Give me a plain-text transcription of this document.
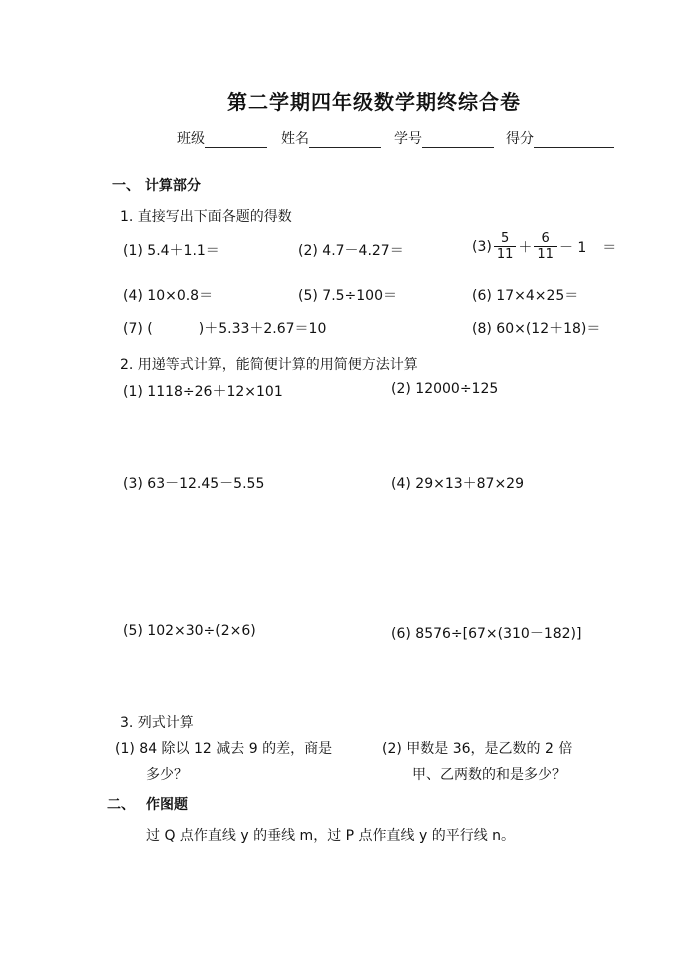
第二学期四年级数学期终综合卷
班级	姓名	学号	得分
一、 计算部分
1. 直接写出下面各题的得数
(1) 5.4＋1.1＝	(2) 4.7－4.27＝	$(3) \frac{5}{11} + \frac{6}{11} - 1$ ＝
(4) 10×0.8＝	(5) 7.5÷100＝	(6) 17×4×25＝
(7) (	)＋5.33＋2.67＝10	(8) 60×(12＋18)＝
2. 用递等式计算，能简便计算的用简便方法计算
(1) 1118÷26＋12×101	(2) 12000÷125
(3) 63－12.45－5.55	(4) 29×13＋87×29
(5) 102×30÷(2×6)	(6) 8576÷[67×(310－182)]
3. 列式计算
(1) 84 除以 12 减去 9 的差，商是
多少？
(2) 甲数是 36，是乙数的 2 倍
甲、乙两数的和是多少？
二、 作图题
过 Q 点作直线 y 的垂线 m，过 P 点作直线 y 的平行线 n。
